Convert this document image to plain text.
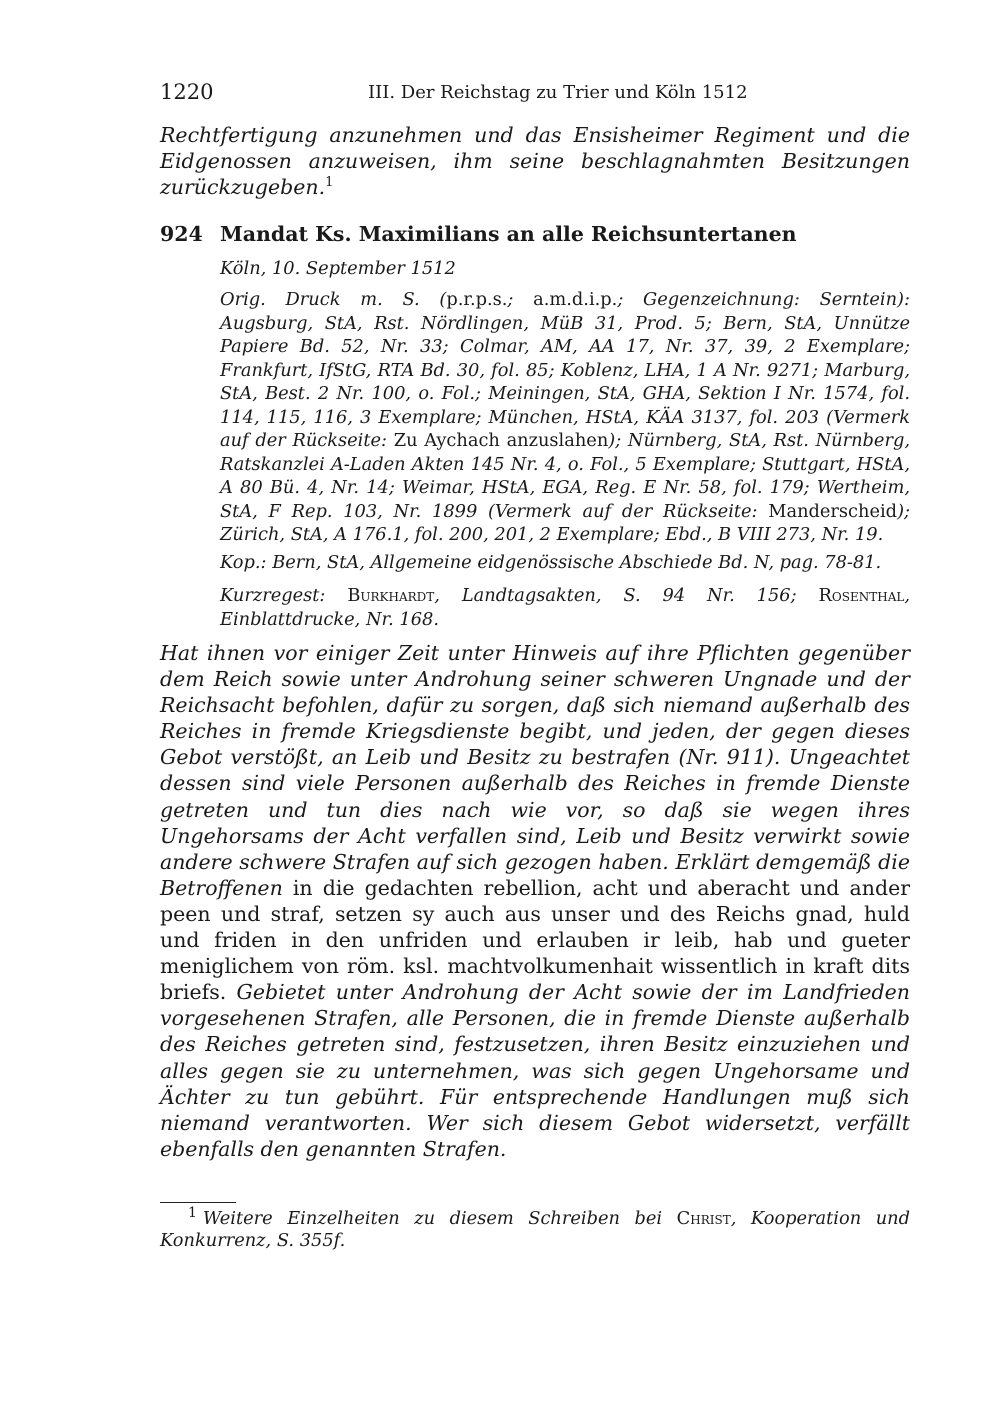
1220	III. Der Reichstag zu Trier und Köln 1512

Rechtfertigung anzunehmen und das Ensisheimer Regiment und die Eidgenossen anzuweisen, ihm seine beschlagnahmten Besitzungen zurückzugeben.$^1$

924 Mandat Ks. Maximilians an alle Reichsuntertanen

Köln, 10. September 1512

Orig. Druck m. S. (p.r.p.s.; a.m.d.i.p.; Gegenzeichnung: Serntein): Augsburg, StA, Rst. Nördlingen, MüB 31, Prod. 5; Bern, StA, Unnütze Papiere Bd. 52, Nr. 33; Colmar, AM, AA 17, Nr. 37, 39, 2 Exemplare; Frankfurt, IfStG, RTA Bd. 30, fol. 85; Koblenz, LHA, 1 A Nr. 9271; Marburg, StA, Best. 2 Nr. 100, o. Fol.; Meiningen, StA, GHA, Sektion I Nr. 1574, fol. 114, 115, 116, 3 Exemplare; München, HStA, KÄA 3137, fol. 203 (Vermerk auf der Rückseite: Zu Aychach anzuslahen); Nürnberg, StA, Rst. Nürnberg, Ratskanzlei A-Laden Akten 145 Nr. 4, o. Fol., 5 Exemplare; Stuttgart, HStA, A 80 Bü. 4, Nr. 14; Weimar, HStA, EGA, Reg. E Nr. 58, fol. 179; Wertheim, StA, F Rep. 103, Nr. 1899 (Vermerk auf der Rückseite: Manderscheid); Zürich, StA, A 176.1, fol. 200, 201, 2 Exemplare; Ebd., B VIII 273, Nr. 19.

Kop.: Bern, StA, Allgemeine eidgenössische Abschiede Bd. N, pag. 78-81.

Kurzregest: Burkhardt, Landtagsakten, S. 94 Nr. 156; Rosenthal, Einblattdrucke, Nr. 168.

Hat ihnen vor einiger Zeit unter Hinweis auf ihre Pflichten gegenüber dem Reich sowie unter Androhung seiner schweren Ungnade und der Reichsacht befohlen, dafür zu sorgen, daß sich niemand außerhalb des Reiches in fremde Kriegsdienste begibt, und jeden, der gegen dieses Gebot verstößt, an Leib und Besitz zu bestrafen (Nr. 911). Ungeachtet dessen sind viele Personen außerhalb des Reiches in fremde Dienste getreten und tun dies nach wie vor, so daß sie wegen ihres Ungehorsams der Acht verfallen sind, Leib und Besitz verwirkt sowie andere schwere Strafen auf sich gezogen haben. Erklärt demgemäß die Betroffenen in die gedachten rebellion, acht und aberacht und ander peen und straf, setzen sy auch aus unser und des Reichs gnad, huld und friden in den unfriden und erlauben ir leib, hab und gueter meniglichem von röm. ksl. machtvolkumenhait wissentlich in kraft dits briefs. Gebietet unter Androhung der Acht sowie der im Landfrieden vorgesehenen Strafen, alle Personen, die in fremde Dienste außerhalb des Reiches getreten sind, festzusetzen, ihren Besitz einzuziehen und alles gegen sie zu unternehmen, was sich gegen Ungehorsame und Ächter zu tun gebührt. Für entsprechende Handlungen muß sich niemand verantworten. Wer sich diesem Gebot widersetzt, verfällt ebenfalls den genannten Strafen.

$^1$ Weitere Einzelheiten zu diesem Schreiben bei Christ, Kooperation und Konkurrenz, S. 355f.
